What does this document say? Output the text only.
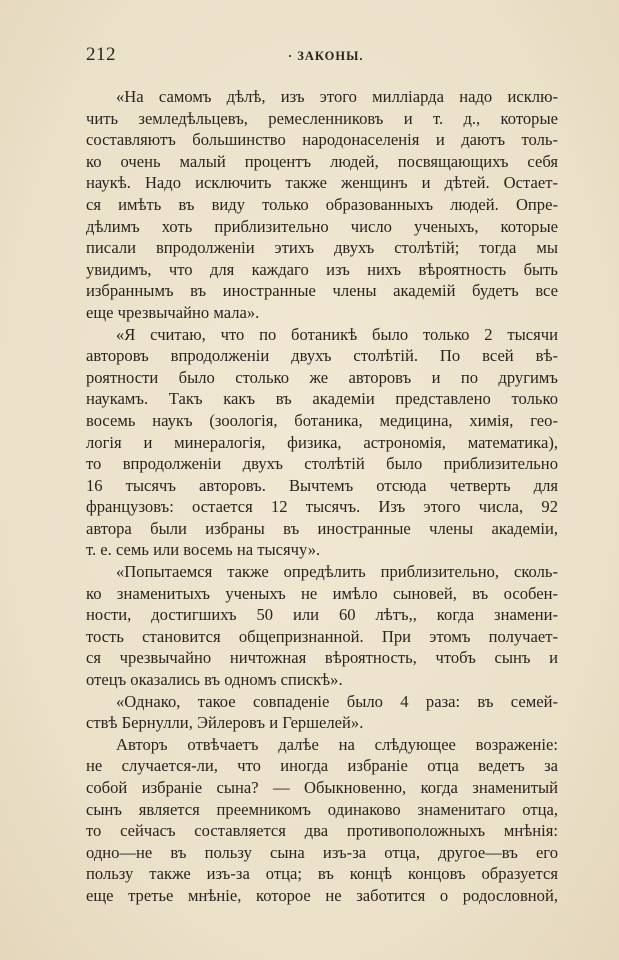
212	· ЗАКОНЫ.

«На самомъ дѣлѣ, изъ этого милліарда надо исклю-
чить земледѣльцевъ, ремесленниковъ и т. д., которые
составляютъ большинство народонаселенія и даютъ толь-
ко очень малый процентъ людей, посвящающихъ себя
наукѣ. Надо исключить также женщинъ и дѣтей. Остает-
ся имѣть въ виду только образованныхъ людей. Опре-
дѣлимъ хоть приблизительно число ученыхъ, которые
писали впродолженіи этихъ двухъ столѣтій; тогда мы
увидимъ, что для каждаго изъ нихъ вѣроятность быть
избраннымъ въ иностранные члены академій будетъ все
еще чрезвычайно мала».

«Я считаю, что по ботаникѣ было только 2 тысячи
авторовъ впродолженіи двухъ столѣтій. По всей вѣ-
роятности было столько же авторовъ и по другимъ
наукамъ. Такъ какъ въ академіи представлено только
восемь наукъ (зоологія, ботаника, медицина, химія, гео-
логія и минералогія, физика, астрономія, математика),
то впродолженіи двухъ столѣтій было приблизительно
16 тысячъ авторовъ. Вычтемъ отсюда четверть для
французовъ: остается 12 тысячъ. Изъ этого числа, 92
автора были избраны въ иностранные члены академіи,
т. е. семь или восемь на тысячу».

«Попытаемся также опредѣлить приблизительно, сколь-
ко знаменитыхъ ученыхъ не имѣло сыновей, въ особен-
ности, достигшихъ 50 или 60 лѣтъ,, когда знамени-
тость становится общепризнанной. При этомъ получает-
ся чрезвычайно ничтожная вѣроятность, чтобъ сынъ и
отецъ оказались въ одномъ спискѣ».

«Однако, такое совпаденіе было 4 раза: въ семей-
ствѣ Бернулли, Эйлеровъ и Гершелей».

Авторъ отвѣчаетъ далѣе на слѣдующее возраженіе:
не случается-ли, что иногда избраніе отца ведетъ за
собой избраніе сына? — Обыкновенно, когда знаменитый
сынъ является преемникомъ одинаково знаменитаго отца,
то сейчасъ составляется два противоположныхъ мнѣнія:
одно—не въ пользу сына изъ-за отца, другое—въ его
пользу также изъ-за отца; въ концѣ концовъ образуется
еще третье мнѣніе, которое не заботится о родословной,
